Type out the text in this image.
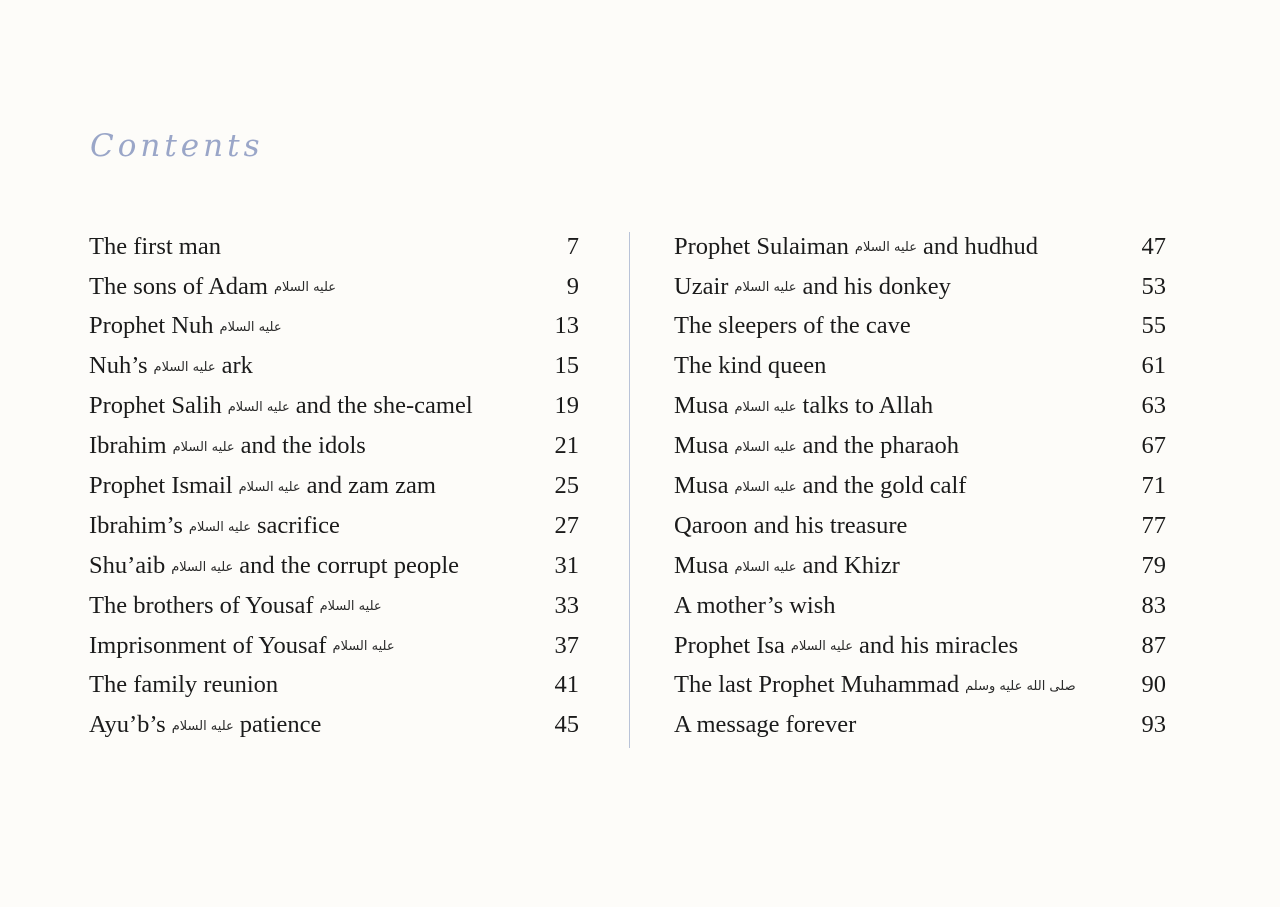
Contents
The first man	7
The sons of Adam عليه السلام	9
Prophet Nuh عليه السلام	13
Nuh’s عليه السلام ark	15
Prophet Salih عليه السلام and the she-camel	19
Ibrahim عليه السلام and the idols	21
Prophet Ismail عليه السلام and zam zam	25
Ibrahim’s عليه السلام sacrifice	27
Shu’aib عليه السلام and the corrupt people	31
The brothers of Yousaf عليه السلام	33
Imprisonment of Yousaf عليه السلام	37
The family reunion	41
Ayu’b’s عليه السلام patience	45
Prophet Sulaiman عليه السلام and hudhud	47
Uzair عليه السلام and his donkey	53
The sleepers of the cave	55
The kind queen	61
Musa عليه السلام talks to Allah	63
Musa عليه السلام and the pharaoh	67
Musa عليه السلام and the gold calf	71
Qaroon and his treasure	77
Musa عليه السلام and Khizr	79
A mother’s wish	83
Prophet Isa عليه السلام and his miracles	87
The last Prophet Muhammad صلى الله عليه وسلم	90
A message forever	93
